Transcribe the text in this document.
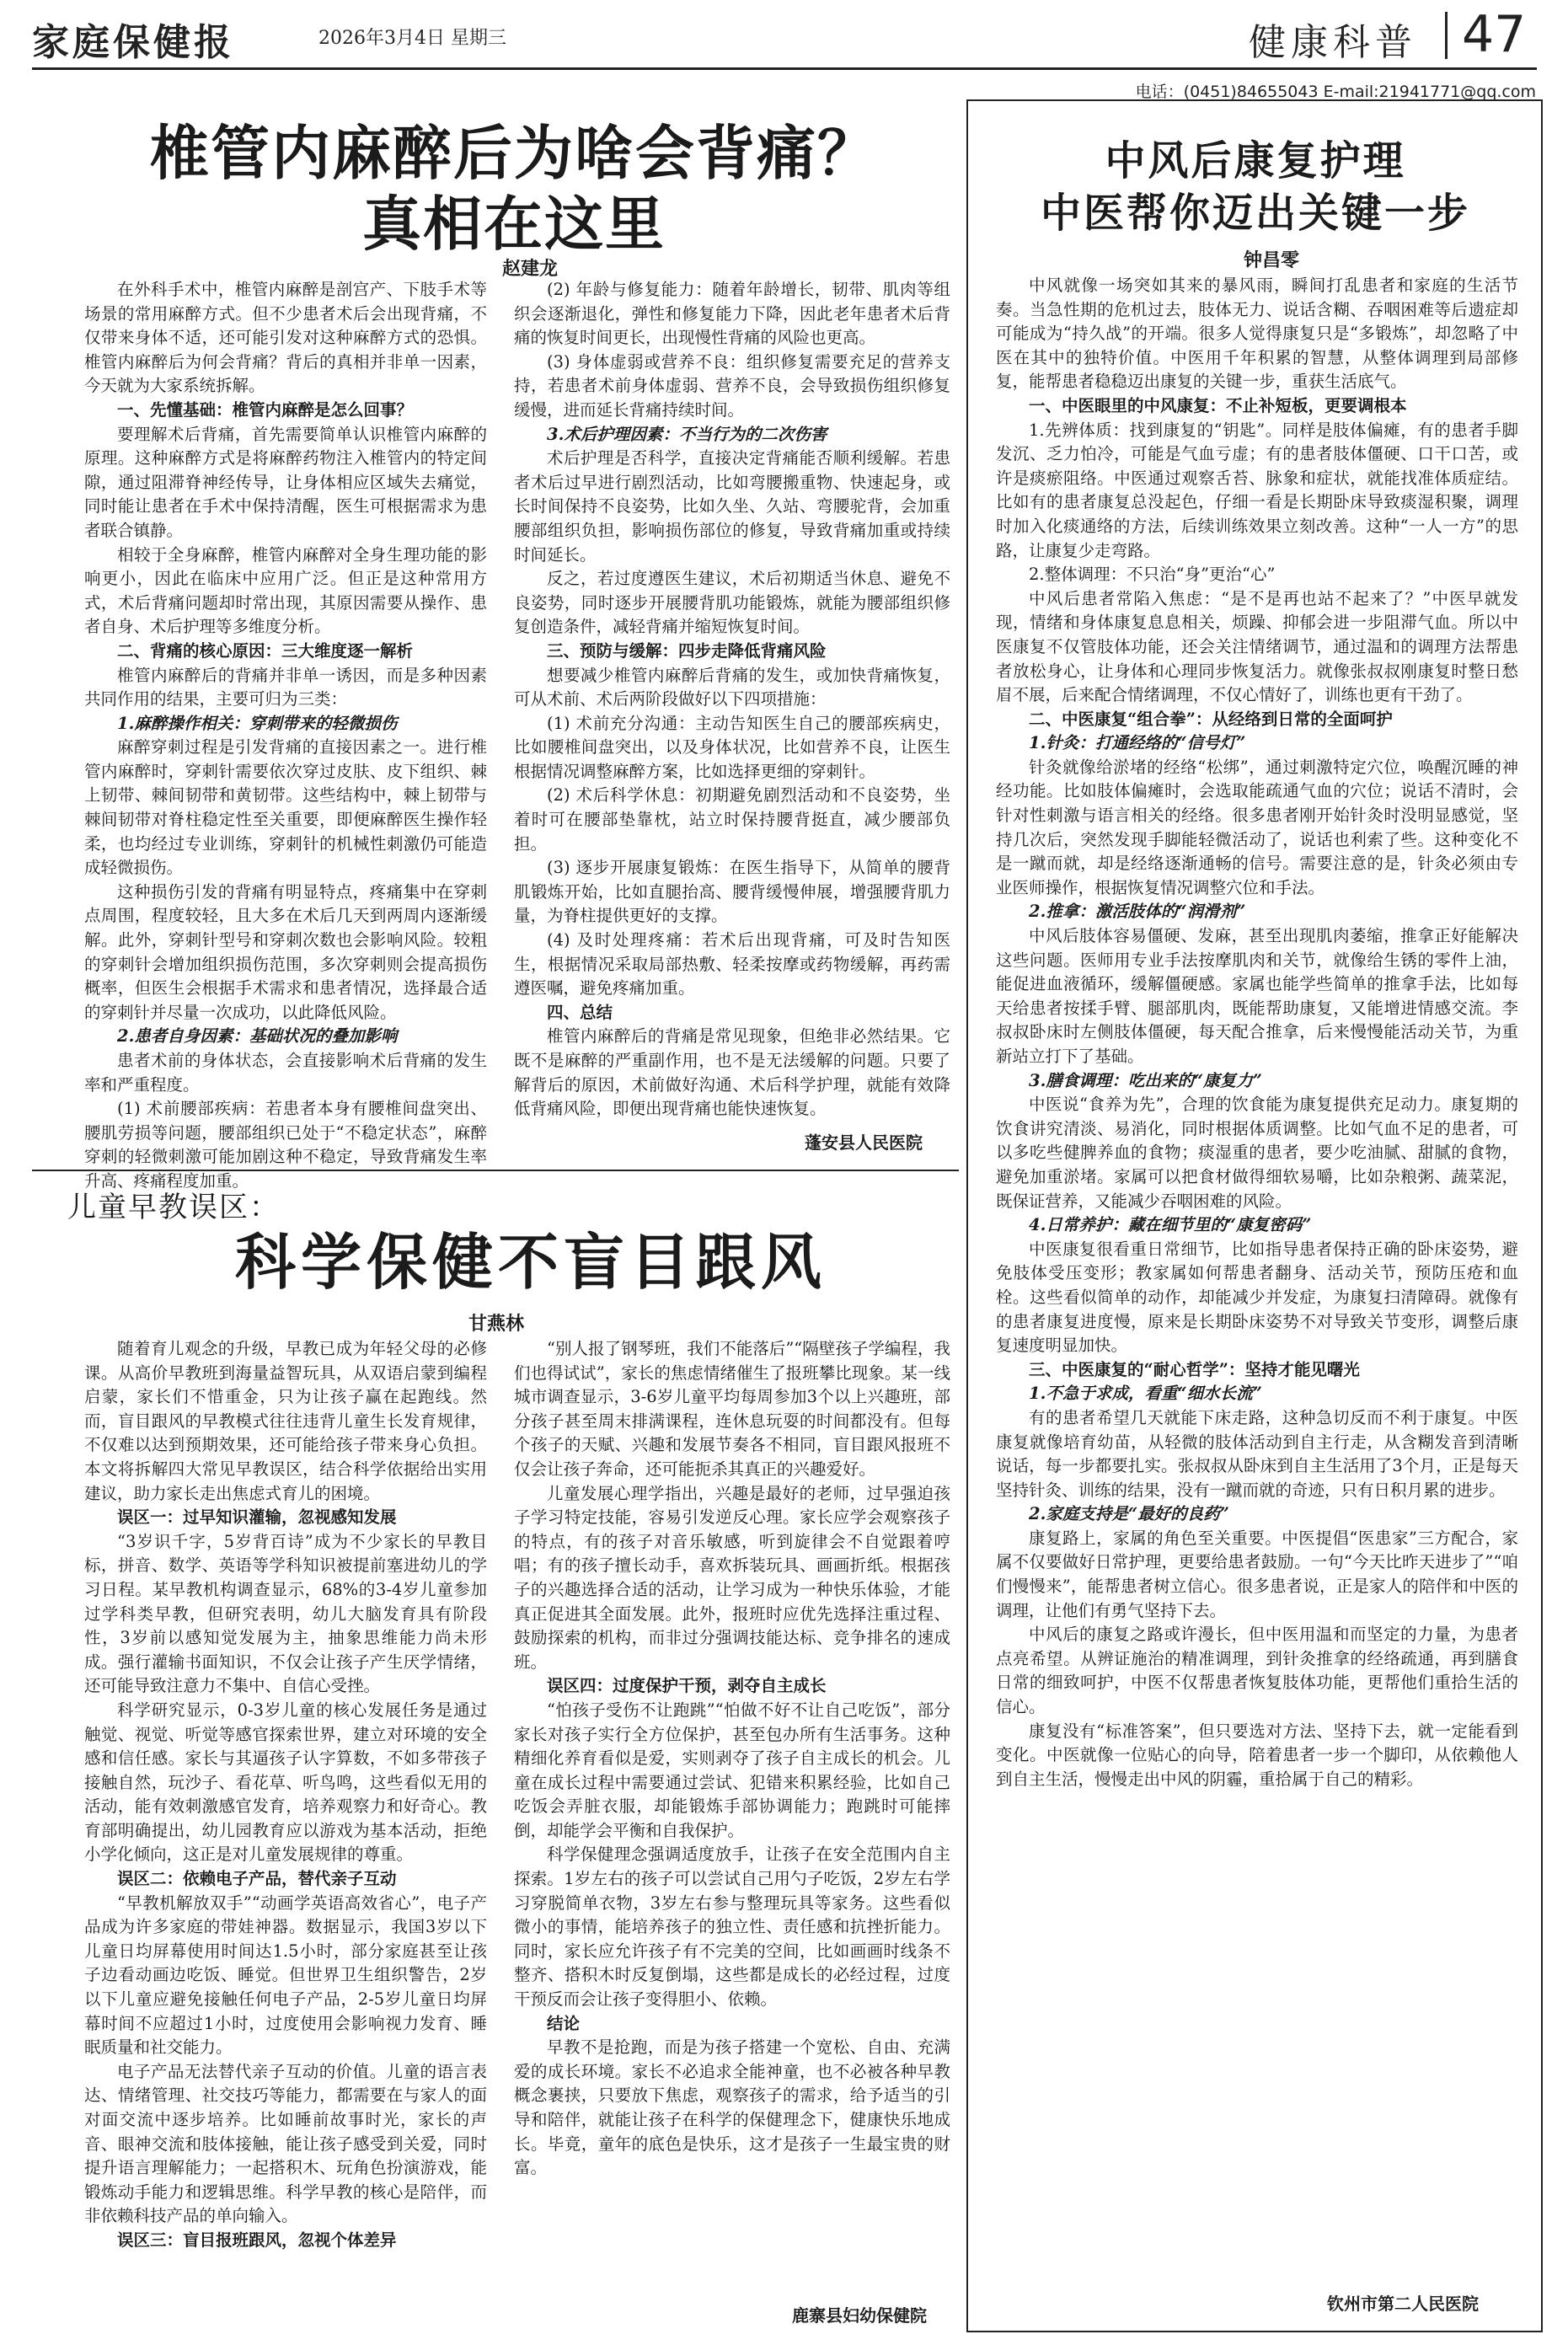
家庭保健报	2026年3月4日 星期三	健康科普 47
电话：(0451)84655043 E-mail:21941771@qq.com
椎管内麻醉后为啥会背痛？
真相在这里
赵建龙

在外科手术中，椎管内麻醉是剖宫产、下肢手术等场景的常用麻醉方式。但不少患者术后会出现背痛，不仅带来身体不适，还可能引发对这种麻醉方式的恐惧。椎管内麻醉后为何会背痛？背后的真相并非单一因素，今天就为大家系统拆解。

一、先懂基础：椎管内麻醉是怎么回事？

要理解术后背痛，首先需要简单认识椎管内麻醉的原理。这种麻醉方式是将麻醉药物注入椎管内的特定间隙，通过阻滞脊神经传导，让身体相应区域失去痛觉，同时能让患者在手术中保持清醒，医生可根据需求为患者联合镇静。

相较于全身麻醉，椎管内麻醉对全身生理功能的影响更小，因此在临床中应用广泛。但正是这种常用方式，术后背痛问题却时常出现，其原因需要从操作、患者自身、术后护理等多维度分析。

二、背痛的核心原因：三大维度逐一解析

椎管内麻醉后的背痛并非单一诱因，而是多种因素共同作用的结果，主要可归为三类：

1.麻醉操作相关：穿刺带来的轻微损伤

麻醉穿刺过程是引发背痛的直接因素之一。进行椎管内麻醉时，穿刺针需要依次穿过皮肤、皮下组织、棘上韧带、棘间韧带和黄韧带。这些结构中，棘上韧带与棘间韧带对脊柱稳定性至关重要，即便麻醉医生操作轻柔，也均经过专业训练，穿刺针的机械性刺激仍可能造成轻微损伤。

这种损伤引发的背痛有明显特点，疼痛集中在穿刺点周围，程度较轻，且大多在术后几天到两周内逐渐缓解。此外，穿刺针型号和穿刺次数也会影响风险。较粗的穿刺针会增加组织损伤范围，多次穿刺则会提高损伤概率，但医生会根据手术需求和患者情况，选择最合适的穿刺针并尽量一次成功，以此降低风险。

2.患者自身因素：基础状况的叠加影响

患者术前的身体状态，会直接影响术后背痛的发生率和严重程度。

(1) 术前腰部疾病：若患者本身有腰椎间盘突出、腰肌劳损等问题，腰部组织已处于“不稳定状态”，麻醉穿刺的轻微刺激可能加剧这种不稳定，导致背痛发生率升高、疼痛程度加重。

(2) 年龄与修复能力：随着年龄增长，韧带、肌肉等组织会逐渐退化，弹性和修复能力下降，因此老年患者术后背痛的恢复时间更长，出现慢性背痛的风险也更高。

(3) 身体虚弱或营养不良：组织修复需要充足的营养支持，若患者术前身体虚弱、营养不良，会导致损伤组织修复缓慢，进而延长背痛持续时间。

3.术后护理因素：不当行为的二次伤害

术后护理是否科学，直接决定背痛能否顺利缓解。若患者术后过早进行剧烈活动，比如弯腰搬重物、快速起身，或长时间保持不良姿势，比如久坐、久站、弯腰驼背，会加重腰部组织负担，影响损伤部位的修复，导致背痛加重或持续时间延长。

反之，若过度遵医生建议，术后初期适当休息、避免不良姿势，同时逐步开展腰背肌功能锻炼，就能为腰部组织修复创造条件，减轻背痛并缩短恢复时间。

三、预防与缓解：四步走降低背痛风险

想要减少椎管内麻醉后背痛的发生，或加快背痛恢复，可从术前、术后两阶段做好以下四项措施：

(1) 术前充分沟通：主动告知医生自己的腰部疾病史，比如腰椎间盘突出，以及身体状况，比如营养不良，让医生根据情况调整麻醉方案，比如选择更细的穿刺针。

(2) 术后科学休息：初期避免剧烈活动和不良姿势，坐着时可在腰部垫靠枕，站立时保持腰背挺直，减少腰部负担。

(3) 逐步开展康复锻炼：在医生指导下，从简单的腰背肌锻炼开始，比如直腿抬高、腰背缓慢伸展，增强腰背肌力量，为脊柱提供更好的支撑。

(4) 及时处理疼痛：若术后出现背痛，可及时告知医生，根据情况采取局部热敷、轻柔按摩或药物缓解，再药需遵医嘱，避免疼痛加重。

四、总结

椎管内麻醉后的背痛是常见现象，但绝非必然结果。它既不是麻醉的严重副作用，也不是无法缓解的问题。只要了解背后的原因，术前做好沟通、术后科学护理，就能有效降低背痛风险，即便出现背痛也能快速恢复。

蓬安县人民医院
儿童早教误区：
科学保健不盲目跟风
甘燕林

随着育儿观念的升级，早教已成为年轻父母的必修课。从高价早教班到海量益智玩具，从双语启蒙到编程启蒙，家长们不惜重金，只为让孩子赢在起跑线。然而，盲目跟风的早教模式往往违背儿童生长发育规律，不仅难以达到预期效果，还可能给孩子带来身心负担。本文将拆解四大常见早教误区，结合科学依据给出实用建议，助力家长走出焦虑式育儿的困境。

误区一：过早知识灌输，忽视感知发展

“3岁识千字，5岁背百诗”成为不少家长的早教目标，拼音、数学、英语等学科知识被提前塞进幼儿的学习日程。某早教机构调查显示，68%的3-4岁儿童参加过学科类早教，但研究表明，幼儿大脑发育具有阶段性，3岁前以感知觉发展为主，抽象思维能力尚未形成。强行灌输书面知识，不仅会让孩子产生厌学情绪，还可能导致注意力不集中、自信心受挫。

科学研究显示，0-3岁儿童的核心发展任务是通过触觉、视觉、听觉等感官探索世界，建立对环境的安全感和信任感。家长与其逼孩子认字算数，不如多带孩子接触自然，玩沙子、看花草、听鸟鸣，这些看似无用的活动，能有效刺激感官发育，培养观察力和好奇心。教育部明确提出，幼儿园教育应以游戏为基本活动，拒绝小学化倾向，这正是对儿童发展规律的尊重。

误区二：依赖电子产品，替代亲子互动

“早教机解放双手”“动画学英语高效省心”，电子产品成为许多家庭的带娃神器。数据显示，我国3岁以下儿童日均屏幕使用时间达1.5小时，部分家庭甚至让孩子边看动画边吃饭、睡觉。但世界卫生组织警告，2岁以下儿童应避免接触任何电子产品，2-5岁儿童日均屏幕时间不应超过1小时，过度使用会影响视力发育、睡眠质量和社交能力。

电子产品无法替代亲子互动的价值。儿童的语言表达、情绪管理、社交技巧等能力，都需要在与家人的面对面交流中逐步培养。比如睡前故事时光，家长的声音、眼神交流和肢体接触，能让孩子感受到关爱，同时提升语言理解能力；一起搭积木、玩角色扮演游戏，能锻炼动手能力和逻辑思维。科学早教的核心是陪伴，而非依赖科技产品的单向输入。

误区三：盲目报班跟风，忽视个体差异

“别人报了钢琴班，我们不能落后”“隔壁孩子学编程，我们也得试试”，家长的焦虑情绪催生了报班攀比现象。某一线城市调查显示，3-6岁儿童平均每周参加3个以上兴趣班，部分孩子甚至周末排满课程，连休息玩耍的时间都没有。但每个孩子的天赋、兴趣和发展节奏各不相同，盲目跟风报班不仅会让孩子奔命，还可能扼杀其真正的兴趣爱好。

儿童发展心理学指出，兴趣是最好的老师，过早强迫孩子学习特定技能，容易引发逆反心理。家长应学会观察孩子的特点，有的孩子对音乐敏感，听到旋律会不自觉跟着哼唱；有的孩子擅长动手，喜欢拆装玩具、画画折纸。根据孩子的兴趣选择合适的活动，让学习成为一种快乐体验，才能真正促进其全面发展。此外，报班时应优先选择注重过程、鼓励探索的机构，而非过分强调技能达标、竞争排名的速成班。

误区四：过度保护干预，剥夺自主成长

“怕孩子受伤不让跑跳”“怕做不好不让自己吃饭”，部分家长对孩子实行全方位保护，甚至包办所有生活事务。这种精细化养育看似是爱，实则剥夺了孩子自主成长的机会。儿童在成长过程中需要通过尝试、犯错来积累经验，比如自己吃饭会弄脏衣服，却能锻炼手部协调能力；跑跳时可能摔倒，却能学会平衡和自我保护。

科学保健理念强调适度放手，让孩子在安全范围内自主探索。1岁左右的孩子可以尝试自己用勺子吃饭，2岁左右学习穿脱简单衣物，3岁左右参与整理玩具等家务。这些看似微小的事情，能培养孩子的独立性、责任感和抗挫折能力。同时，家长应允许孩子有不完美的空间，比如画画时线条不整齐、搭积木时反复倒塌，这些都是成长的必经过程，过度干预反而会让孩子变得胆小、依赖。

结论

早教不是抢跑，而是为孩子搭建一个宽松、自由、充满爱的成长环境。家长不必追求全能神童，也不必被各种早教概念裹挟，只要放下焦虑，观察孩子的需求，给予适当的引导和陪伴，就能让孩子在科学的保健理念下，健康快乐地成长。毕竟，童年的底色是快乐，这才是孩子一生最宝贵的财富。

鹿寨县妇幼保健院
中风后康复护理
中医帮你迈出关键一步
钟昌零

中风就像一场突如其来的暴风雨，瞬间打乱患者和家庭的生活节奏。当急性期的危机过去，肢体无力、说话含糊、吞咽困难等后遗症却可能成为“持久战”的开端。很多人觉得康复只是“多锻炼”，却忽略了中医在其中的独特价值。中医用千年积累的智慧，从整体调理到局部修复，能帮患者稳稳迈出康复的关键一步，重获生活底气。

一、中医眼里的中风康复：不止补短板，更要调根本

1.先辨体质：找到康复的“钥匙”。同样是肢体偏瘫，有的患者手脚发沉、乏力怕冷，可能是气血亏虚；有的患者肢体僵硬、口干口苦，或许是痰瘀阻络。中医通过观察舌苔、脉象和症状，就能找准体质症结。比如有的患者康复总没起色，仔细一看是长期卧床导致痰湿积聚，调理时加入化痰通络的方法，后续训练效果立刻改善。这种“一人一方”的思路，让康复少走弯路。

2.整体调理：不只治“身”更治“心”

中风后患者常陷入焦虑：“是不是再也站不起来了？”中医早就发现，情绪和身体康复息息相关，烦躁、抑郁会进一步阻滞气血。所以中医康复不仅管肢体功能，还会关注情绪调节，通过温和的调理方法帮患者放松身心，让身体和心理同步恢复活力。就像张叔叔刚康复时整日愁眉不展，后来配合情绪调理，不仅心情好了，训练也更有干劲了。

二、中医康复“组合拳”：从经络到日常的全面呵护
1.针灸：打通经络的“信号灯”

针灸就像给淤堵的经络“松绑”，通过刺激特定穴位，唤醒沉睡的神经功能。比如肢体偏瘫时，会选取能疏通气血的穴位；说话不清时，会针对性刺激与语言相关的经络。很多患者刚开始针灸时没明显感觉，坚持几次后，突然发现手脚能轻微活动了，说话也利索了些。这种变化不是一蹴而就，却是经络逐渐通畅的信号。需要注意的是，针灸必须由专业医师操作，根据恢复情况调整穴位和手法。

2.推拿：激活肢体的“润滑剂”

中风后肢体容易僵硬、发麻，甚至出现肌肉萎缩，推拿正好能解决这些问题。医师用专业手法按摩肌肉和关节，就像给生锈的零件上油，能促进血液循环，缓解僵硬感。家属也能学些简单的推拿手法，比如每天给患者按揉手臂、腿部肌肉，既能帮助康复，又能增进情感交流。李叔叔卧床时左侧肢体僵硬，每天配合推拿，后来慢慢能活动关节，为重新站立打下了基础。

3.膳食调理：吃出来的“康复力”

中医说“食养为先”，合理的饮食能为康复提供充足动力。康复期的饮食讲究清淡、易消化，同时根据体质调整。比如气血不足的患者，可以多吃些健脾养血的食物；痰湿重的患者，要少吃油腻、甜腻的食物，避免加重淤堵。家属可以把食材做得细软易嚼，比如杂粮粥、蔬菜泥，既保证营养，又能减少吞咽困难的风险。

4.日常养护：藏在细节里的“康复密码”

中医康复很看重日常细节，比如指导患者保持正确的卧床姿势，避免肢体受压变形；教家属如何帮患者翻身、活动关节，预防压疮和血栓。这些看似简单的动作，却能减少并发症，为康复扫清障碍。就像有的患者康复进度慢，原来是长期卧床姿势不对导致关节变形，调整后康复速度明显加快。

三、中医康复的“耐心哲学”：坚持才能见曙光
1.不急于求成，看重“细水长流”

有的患者希望几天就能下床走路，这种急切反而不利于康复。中医康复就像培育幼苗，从轻微的肢体活动到自主行走，从含糊发音到清晰说话，每一步都要扎实。张叔叔从卧床到自主生活用了3个月，正是每天坚持针灸、训练的结果，没有一蹴而就的奇迹，只有日积月累的进步。

2.家庭支持是“最好的良药”

康复路上，家属的角色至关重要。中医提倡“医患家”三方配合，家属不仅要做好日常护理，更要给患者鼓励。一句“今天比昨天进步了”“咱们慢慢来”，能帮患者树立信心。很多患者说，正是家人的陪伴和中医的调理，让他们有勇气坚持下去。

中风后的康复之路或许漫长，但中医用温和而坚定的力量，为患者点亮希望。从辨证施治的精准调理，到针灸推拿的经络疏通，再到膳食日常的细致呵护，中医不仅帮患者恢复肢体功能，更帮他们重拾生活的信心。

康复没有“标准答案”，但只要选对方法、坚持下去，就一定能看到变化。中医就像一位贴心的向导，陪着患者一步一个脚印，从依赖他人到自主生活，慢慢走出中风的阴霾，重拾属于自己的精彩。

钦州市第二人民医院
